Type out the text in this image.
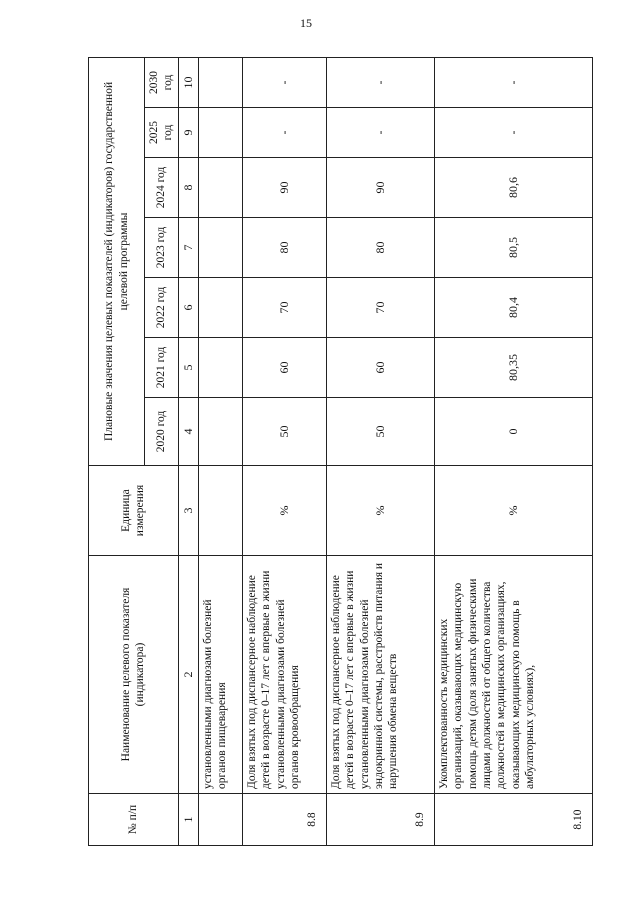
15
№ п/п	Наименование целевого показателя (индикатора)	Единица измерения	Плановые значения целевых показателей (индикаторов) государственной целевой программы						
			2020 год	2021 год	2022 год	2023 год	2024 год	2025 год	2030 год
1	2	3	4	5	6	7	8	9	10
	установленными диагнозами болезней органов пищеварения								
8.8	Доля взятых под диспансерное наблюдение детей в возрасте 0–17 лет с впервые в жизни установленными диагнозами болезней органов кровообращения	%	50	60	70	80	90	-	-
8.9	Доля взятых под диспансерное наблюдение детей в возрасте 0–17 лет с впервые в жизни установленными диагнозами болезней эндокринной системы, расстройств питания и нарушения обмена веществ	%	50	60	70	80	90	-	-
8.10	Укомплектованность медицинских организаций, оказывающих медицинскую помощь детям (доля занятых физическими лицами должностей от общего количества должностей в медицинских организациях, оказывающих медицинскую помощь в амбулаторных условиях),	%	0	80,35	80,4	80,5	80,6	-	-
